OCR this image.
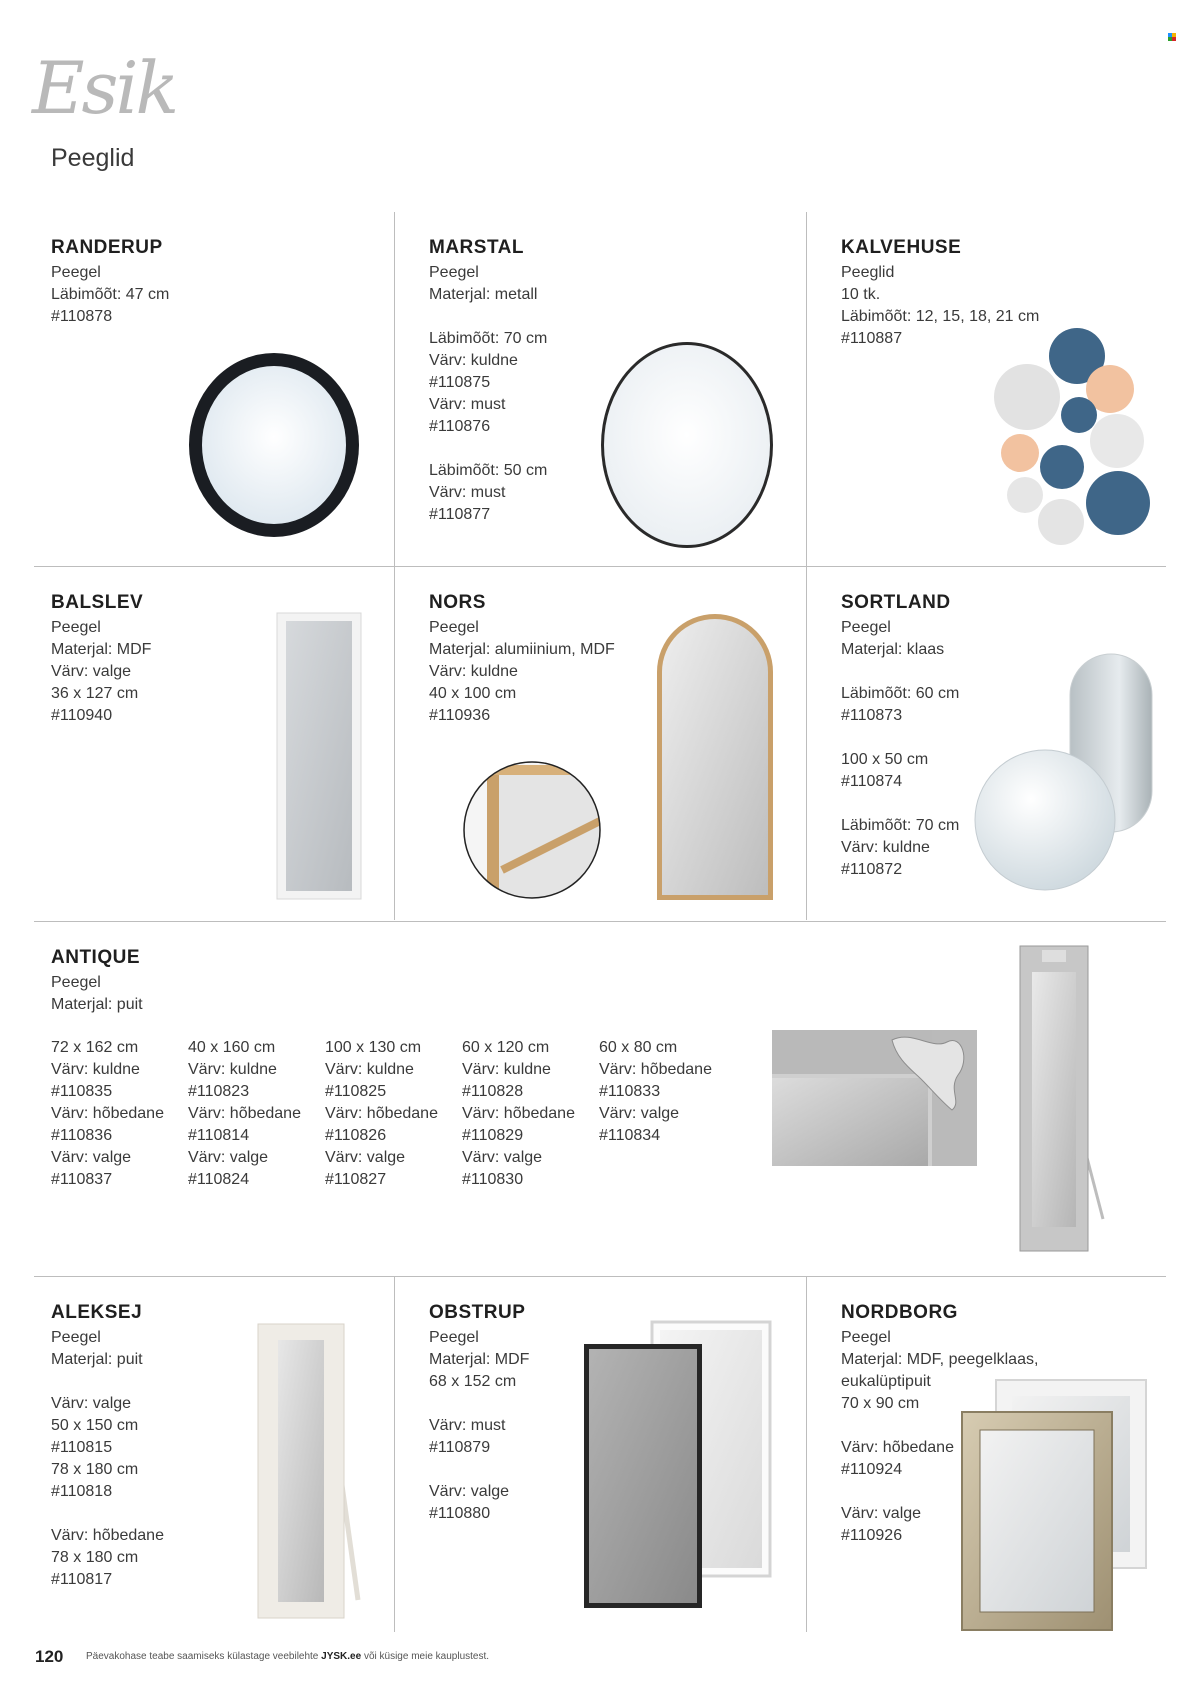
Esik
Peeglid
RANDERUP
Peegel
Läbimõõt: 47 cm
#110878
MARSTAL
Peegel
Materjal: metall
Läbimõõt: 70 cm
Värv: kuldne
#110875
Värv: must
#110876
Läbimõõt: 50 cm
Värv: must
#110877
KALVEHUSE
Peeglid
10 tk.
Läbimõõt: 12, 15, 18, 21 cm
#110887
BALSLEV
Peegel
Materjal: MDF
Värv: valge
36 x 127 cm
#110940
NORS
Peegel
Materjal: alumiinium, MDF
Värv: kuldne
40 x 100 cm
#110936
SORTLAND
Peegel
Materjal: klaas
Läbimõõt: 60 cm
#110873
100 x 50 cm
#110874
Läbimõõt: 70 cm
Värv: kuldne
#110872
ANTIQUE
Peegel
Materjal: puit
72 x 162 cm
Värv: kuldne
#110835
Värv: hõbedane
#110836
Värv: valge
#110837
40 x 160 cm
Värv: kuldne
#110823
Värv: hõbedane
#110814
Värv: valge
#110824
100 x 130 cm
Värv: kuldne
#110825
Värv: hõbedane
#110826
Värv: valge
#110827
60 x 120 cm
Värv: kuldne
#110828
Värv: hõbedane
#110829
Värv: valge
#110830
60 x 80 cm
Värv: hõbedane
#110833
Värv: valge
#110834
ALEKSEJ
Peegel
Materjal: puit
Värv: valge
50 x 150 cm
#110815
78 x 180 cm
#110818
Värv: hõbedane
78 x 180 cm
#110817
OBSTRUP
Peegel
Materjal: MDF
68 x 152 cm
Värv: must
#110879
Värv: valge
#110880
NORDBORG
Peegel
Materjal: MDF, peegelklaas,
eukalüptipuit
70 x 90 cm
Värv: hõbedane
#110924
Värv: valge
#110926
120 Päevakohase teabe saamiseks külastage veebilehte JYSK.ee või küsige meie kauplustest.
